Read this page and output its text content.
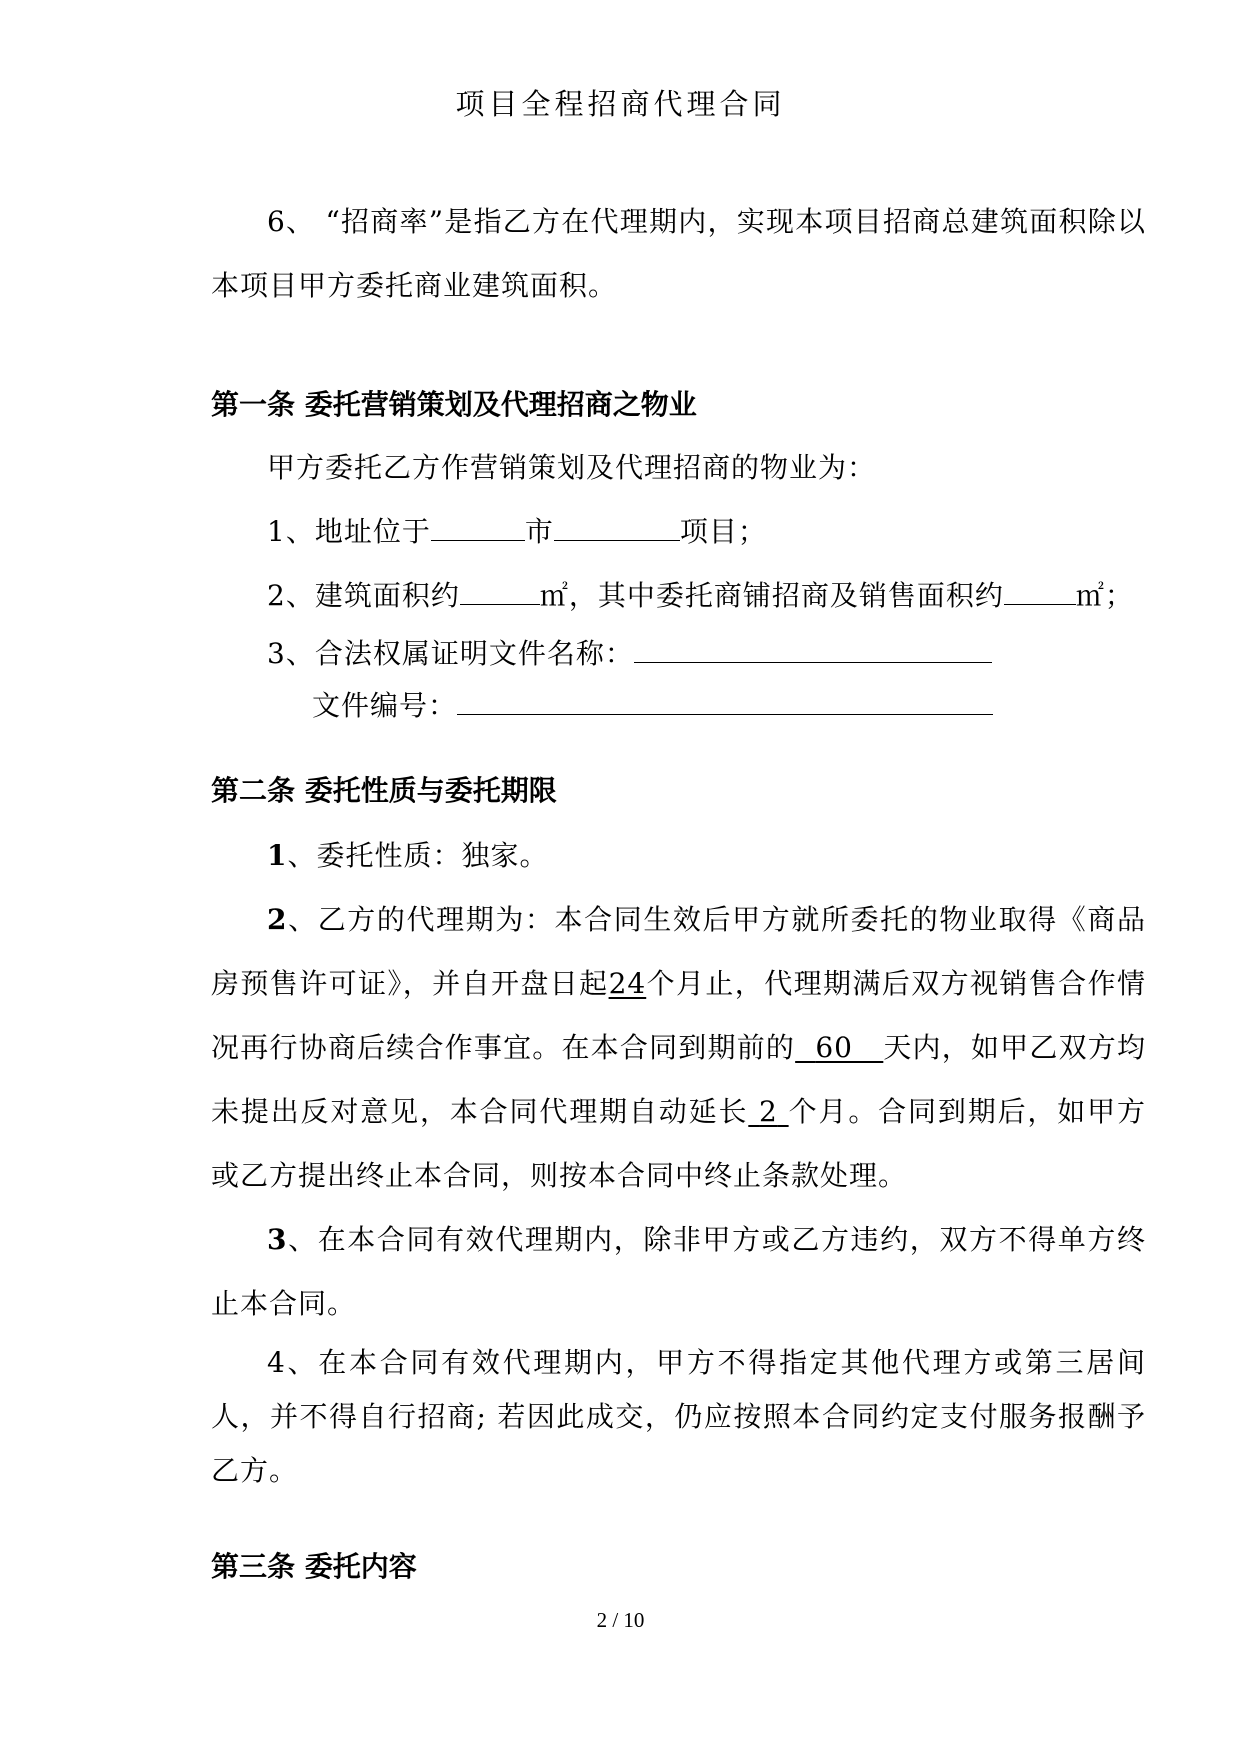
项目全程招商代理合同

6、 “招商率”是指乙方在代理期内，实现本项目招商总建筑面积除以本项目甲方委托商业建筑面积。

第一条 委托营销策划及代理招商之物业

甲方委托乙方作营销策划及代理招商的物业为：

1、地址位于	市	项目；

2、建筑面积约	㎡，其中委托商铺招商及销售面积约	㎡；

3、合法权属证明文件名称：

文件编号：

第二条 委托性质与委托期限

1、委托性质：独家。

2、乙方的代理期为：本合同生效后甲方就所委托的物业取得《商品房预售许可证》，并自开盘日起24个月止，代理期满后双方视销售合作情况再行协商后续合作事宜。在本合同到期前的 60 天内，如甲乙双方均未提出反对意见，本合同代理期自动延长 2 个月。合同到期后，如甲方或乙方提出终止本合同，则按本合同中终止条款处理。

3、在本合同有效代理期内，除非甲方或乙方违约，双方不得单方终止本合同。

4、在本合同有效代理期内，甲方不得指定其他代理方或第三居间人，并不得自行招商; 若因此成交，仍应按照本合同约定支付服务报酬予乙方。

第三条 委托内容

2 / 10
